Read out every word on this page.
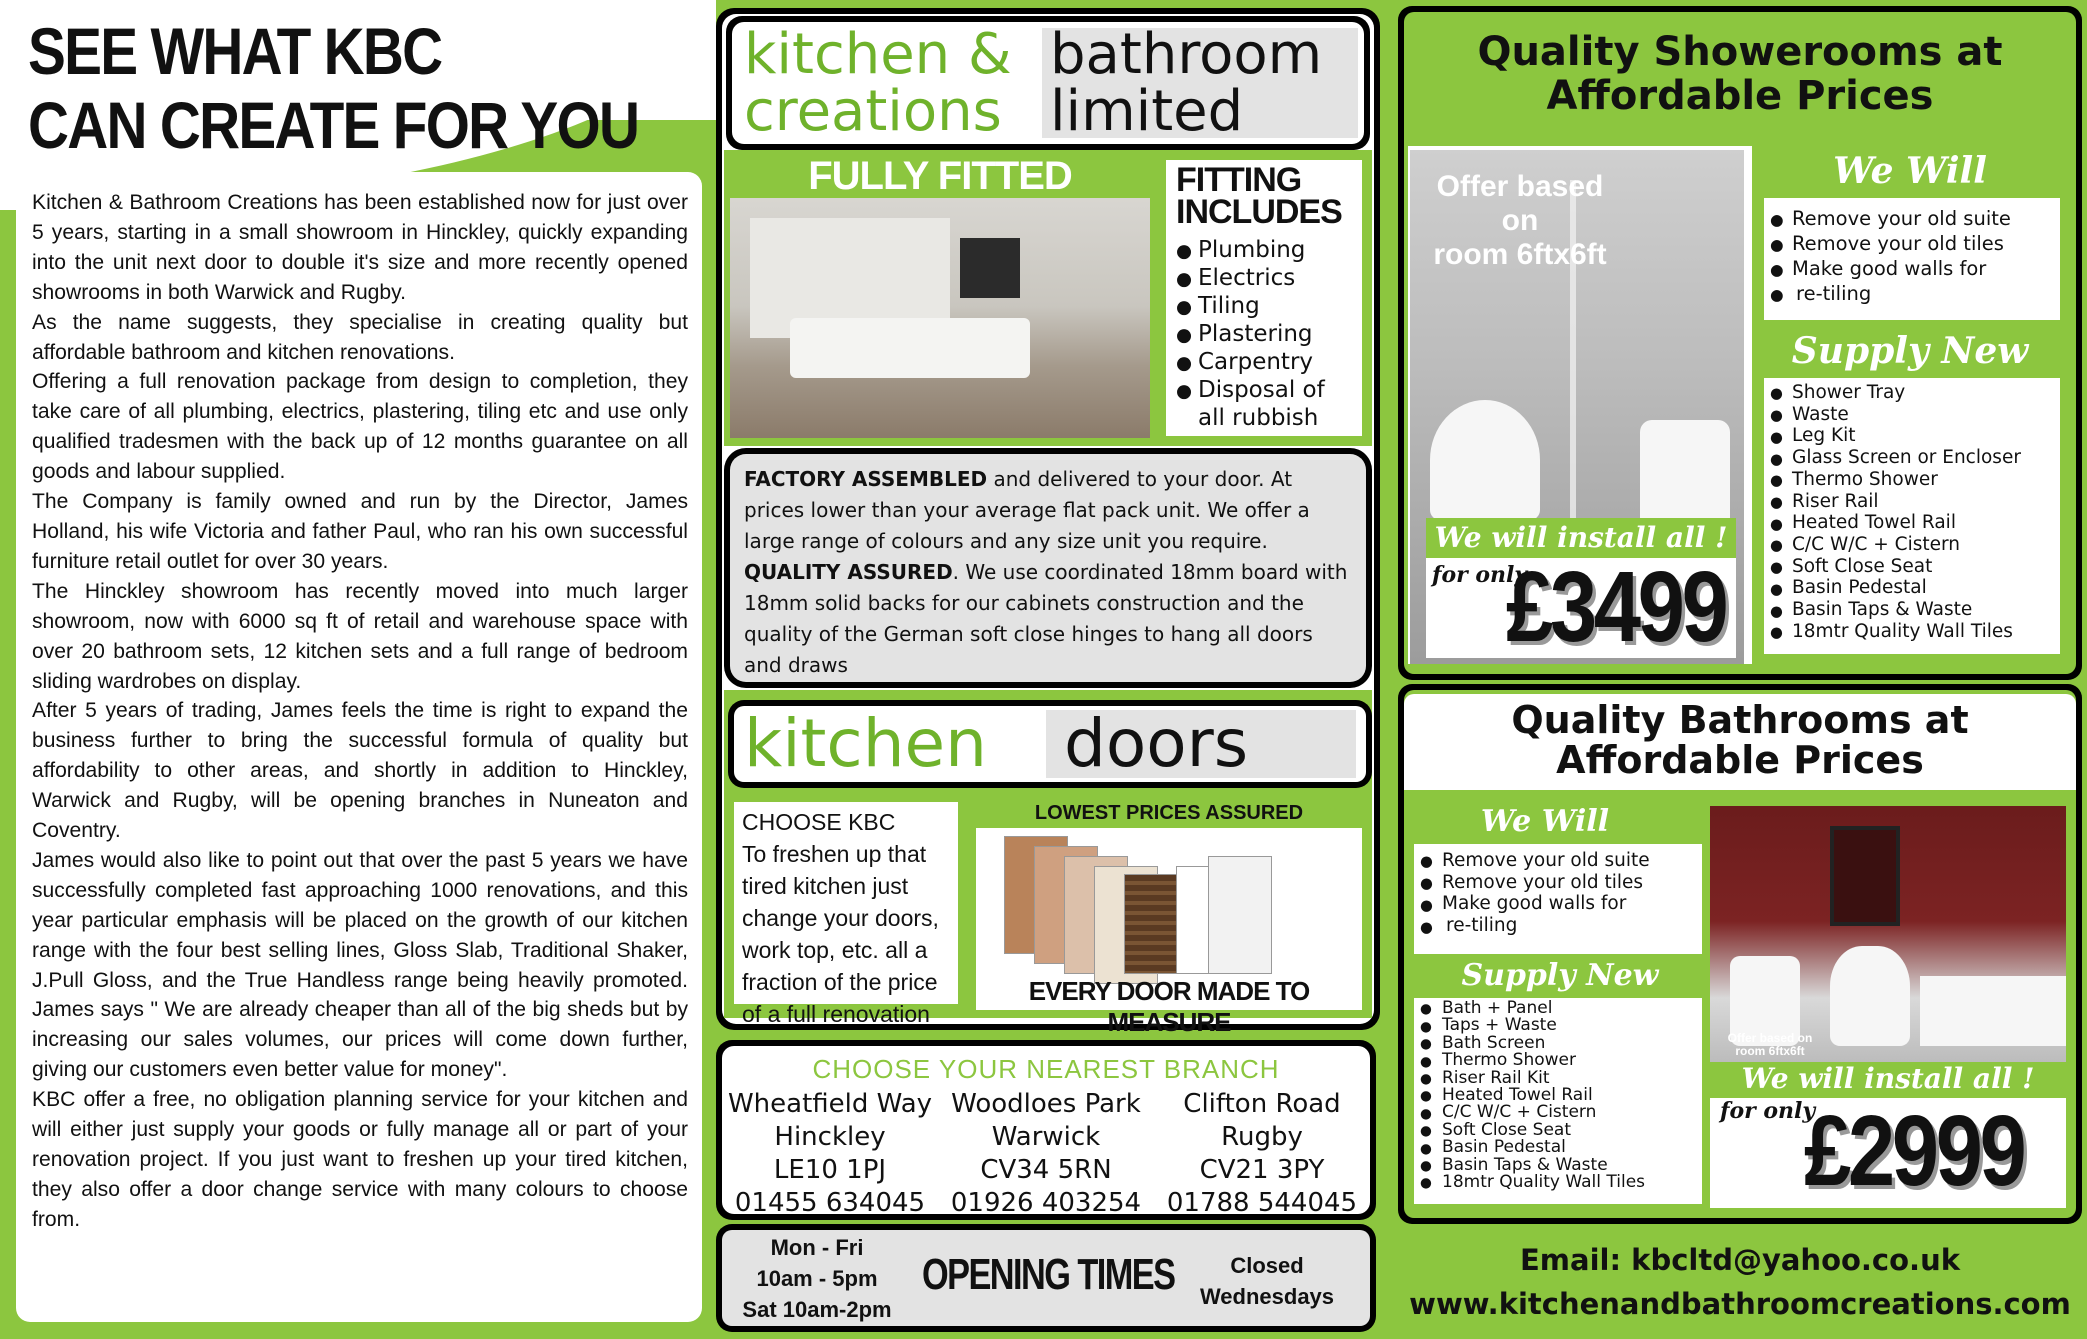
SEE WHAT KBC
CAN CREATE FOR YOU

Kitchen & Bathroom Creations has been established now for just over 5 years, starting in a small showroom in Hinckley, quickly expanding into the unit next door to double it's size and more recently opened showrooms in both Warwick and Rugby.

As the name suggests, they specialise in creating quality but affordable bathroom and kitchen renovations.

Offering a full renovation package from design to completion, they take care of all plumbing, electrics, plastering, tiling etc and use only qualified tradesmen with the back up of 12 months guarantee on all goods and labour supplied.

The Company is family owned and run by the Director, James Holland, his wife Victoria and father Paul, who ran his own successful furniture retail outlet for over 30 years.

The Hinckley showroom has recently moved into much larger showroom, now with 6000 sq ft of retail and warehouse space with over 20 bathroom sets, 12 kitchen sets and a full range of bedroom sliding wardrobes on display.

After 5 years of trading, James feels the time is right to expand the business further to bring the successful formula of quality but affordability to other areas, and shortly in addition to Hinckley, Warwick and Rugby, will be opening branches in Nuneaton and Coventry.

James would also like to point out that over the past 5 years we have successfully completed fast approaching 1000 renovations, and this year particular emphasis will be placed on the growth of our kitchen range with the four best selling lines, Gloss Slab, Traditional Shaker, J.Pull Gloss, and the True Handless range being heavily promoted. James says " We are already cheaper than all of the big sheds but by increasing our sales volumes, our prices will come down further, giving our customers even better value for money".

KBC offer a free, no obligation planning service for your kitchen and will either just supply your goods or fully manage all or part of your renovation project. If you just want to freshen up your tired kitchen, they also offer a door change service with many colours to choose from.

kitchen &
creations
bathroom
limited
FULLY FITTED	FITTING
INCLUDES
● Plumbing
● Electrics
● Tiling
● Plastering
● Carpentry
● Disposal of all rubbish
FACTORY ASSEMBLED and delivered to your door. At prices lower than your average flat pack unit. We offer a large range of colours and any size unit you require. QUALITY ASSURED. We use coordinated 18mm board with 18mm solid backs for our cabinets construction and the quality of the German soft close hinges to hang all doors and draws
kitchen doors
CHOOSE KBC
To freshen up that tired kitchen just change your doors, work top, etc. all a fraction of the price of a full renovation
LOWEST PRICES ASSURED
EVERY DOOR MADE TO MEASURE
CHOOSE YOUR NEAREST BRANCH
Wheatfield Way
Hinckley
LE10 1PJ
01455 634045
Woodloes Park
Warwick
CV34 5RN
01926 403254
Clifton Road
Rugby
CV21 3PY
01788 544045
Mon - Fri
10am - 5pm
Sat 10am-2pm
OPENING TIMES	Closed
Wednesdays
Quality Showerooms at
Affordable Prices
Offer based on
room 6ftx6ft
We will install all !
for only
£3499
We Will
● Remove your old suite
● Remove your old tiles
● Make good walls for
● re-tiling
Supply New
● Shower Tray
● Waste
● Leg Kit
● Glass Screen or Encloser
● Thermo Shower
● Riser Rail
● Heated Towel Rail
● C/C W/C + Cistern
● Soft Close Seat
● Basin Pedestal
● Basin Taps & Waste
● 18mtr Quality Wall Tiles
Quality Bathrooms at
Affordable Prices
We Will
● Remove your old suite
● Remove your old tiles
● Make good walls for
● re-tiling
Supply New
● Bath + Panel
● Taps + Waste
● Bath Screen
● Thermo Shower
● Riser Rail Kit
● Heated Towel Rail
● C/C W/C + Cistern
● Soft Close Seat
● Basin Pedestal
● Basin Taps & Waste
● 18mtr Quality Wall Tiles
Offer based on
room 6ftx6ft
We will install all !
for only
£2999
Email: kbcltd@yahoo.co.uk
www.kitchenandbathroomcreations.com
